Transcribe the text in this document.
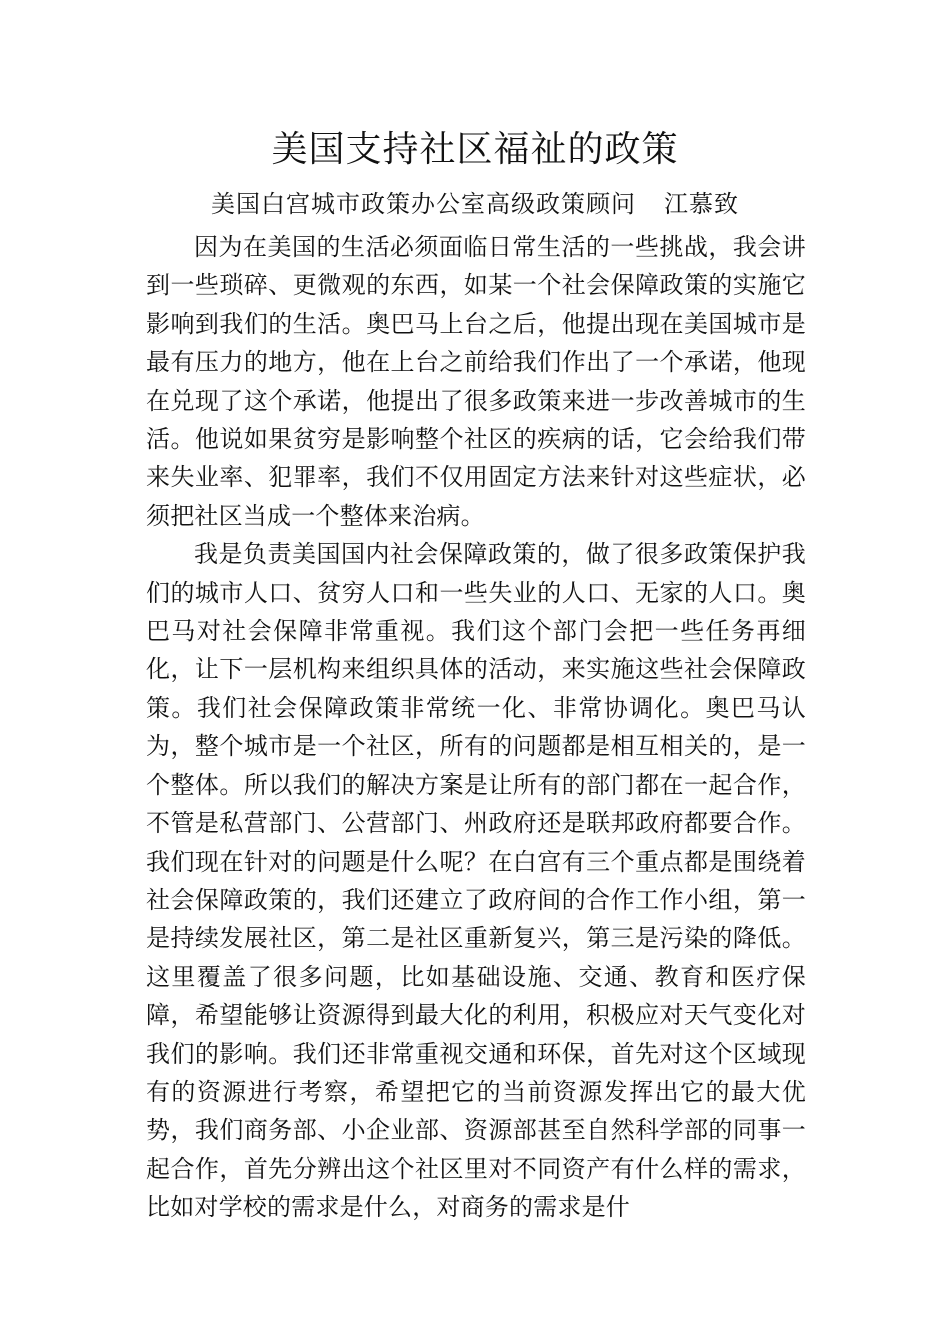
美国支持社区福祉的政策

美国白宫城市政策办公室高级政策顾问 江慕致

因为在美国的生活必须面临日常生活的一些挑战，我会讲到一些琐碎、更微观的东西，如某一个社会保障政策的实施它影响到我们的生活。奥巴马上台之后，他提出现在美国城市是最有压力的地方，他在上台之前给我们作出了一个承诺，他现在兑现了这个承诺，他提出了很多政策来进一步改善城市的生活。他说如果贫穷是影响整个社区的疾病的话，它会给我们带来失业率、犯罪率，我们不仅用固定方法来针对这些症状，必须把社区当成一个整体来治病。

我是负责美国国内社会保障政策的，做了很多政策保护我们的城市人口、贫穷人口和一些失业的人口、无家的人口。奥巴马对社会保障非常重视。我们这个部门会把一些任务再细化，让下一层机构来组织具体的活动，来实施这些社会保障政策。我们社会保障政策非常统一化、非常协调化。奥巴马认为，整个城市是一个社区，所有的问题都是相互相关的，是一个整体。所以我们的解决方案是让所有的部门都在一起合作，不管是私营部门、公营部门、州政府还是联邦政府都要合作。我们现在针对的问题是什么呢？在白宫有三个重点都是围绕着社会保障政策的，我们还建立了政府间的合作工作小组，第一是持续发展社区，第二是社区重新复兴，第三是污染的降低。这里覆盖了很多问题，比如基础设施、交通、教育和医疗保障，希望能够让资源得到最大化的利用，积极应对天气变化对我们的影响。我们还非常重视交通和环保，首先对这个区域现有的资源进行考察，希望把它的当前资源发挥出它的最大优势，我们商务部、小企业部、资源部甚至自然科学部的同事一起合作，首先分辨出这个社区里对不同资产有什么样的需求，比如对学校的需求是什么，对商务的需求是什
